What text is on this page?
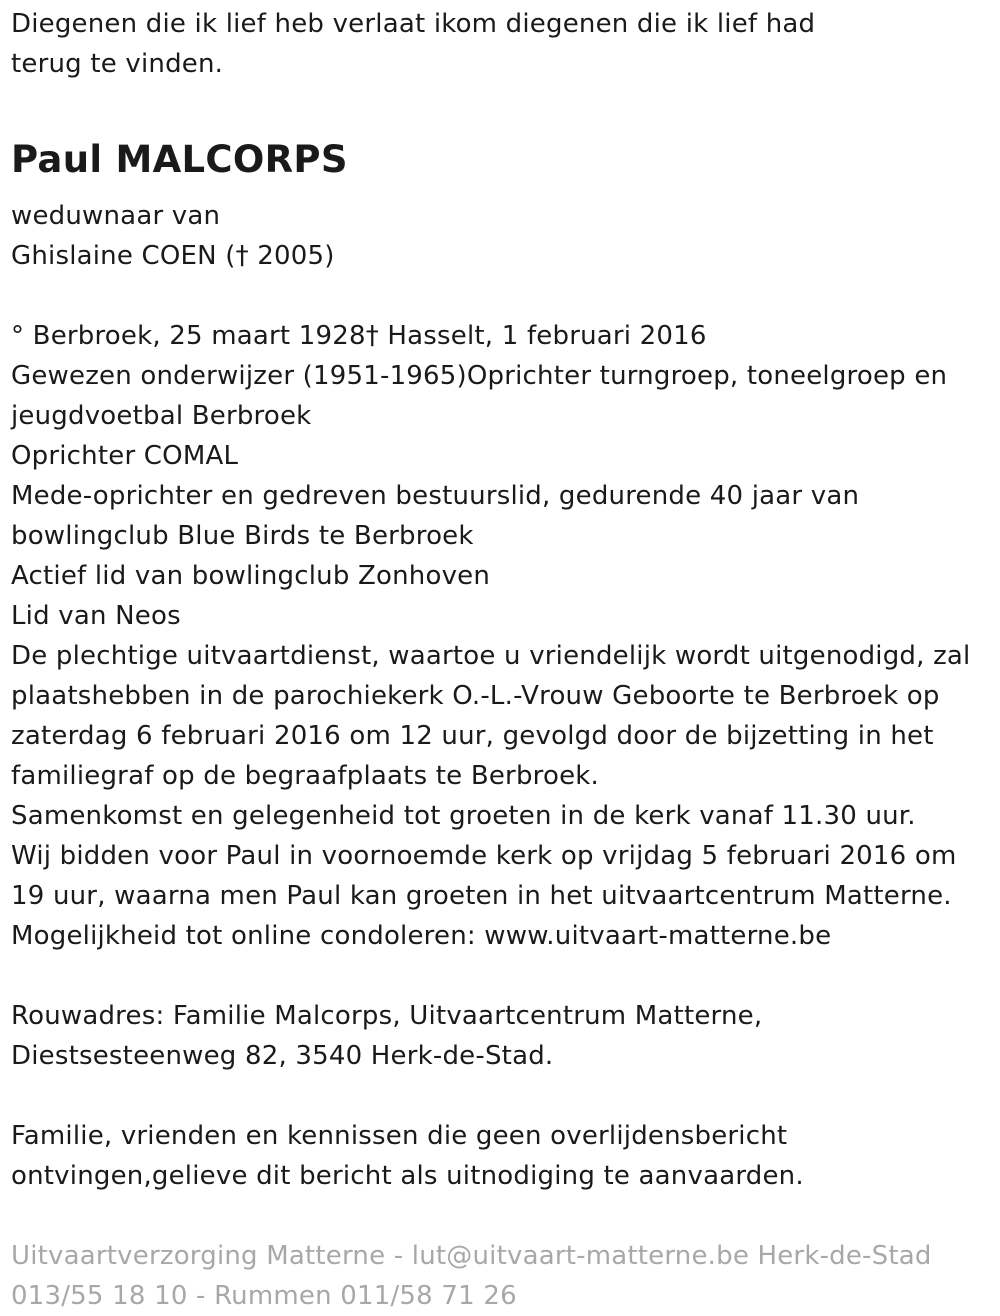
Diegenen die ik lief heb verlaat ikom diegenen die ik lief had
terug te vinden.
Paul MALCORPS
weduwnaar van
Ghislaine COEN († 2005)
° Berbroek, 25 maart 1928† Hasselt, 1 februari 2016
Gewezen onderwijzer (1951-1965)Oprichter turngroep, toneelgroep en
jeugdvoetbal Berbroek
Oprichter COMAL
Mede-oprichter en gedreven bestuurslid, gedurende 40 jaar van
bowlingclub Blue Birds te Berbroek
Actief lid van bowlingclub Zonhoven
Lid van Neos
De plechtige uitvaartdienst, waartoe u vriendelijk wordt uitgenodigd, zal
plaatshebben in de parochiekerk O.-L.-Vrouw Geboorte te Berbroek op
zaterdag 6 februari 2016 om 12 uur, gevolgd door de bijzetting in het
familiegraf op de begraafplaats te Berbroek.
Samenkomst en gelegenheid tot groeten in de kerk vanaf 11.30 uur.
Wij bidden voor Paul in voornoemde kerk op vrijdag 5 februari 2016 om
19 uur, waarna men Paul kan groeten in het uitvaartcentrum Matterne.
Mogelijkheid tot online condoleren: www.uitvaart-matterne.be
Rouwadres: Familie Malcorps, Uitvaartcentrum Matterne,
Diestsesteenweg 82, 3540 Herk-de-Stad.
Familie, vrienden en kennissen die geen overlijdensbericht
ontvingen,gelieve dit bericht als uitnodiging te aanvaarden.
Uitvaartverzorging Matterne - lut@uitvaart-matterne.be Herk-de-Stad
013/55 18 10 - Rummen 011/58 71 26
